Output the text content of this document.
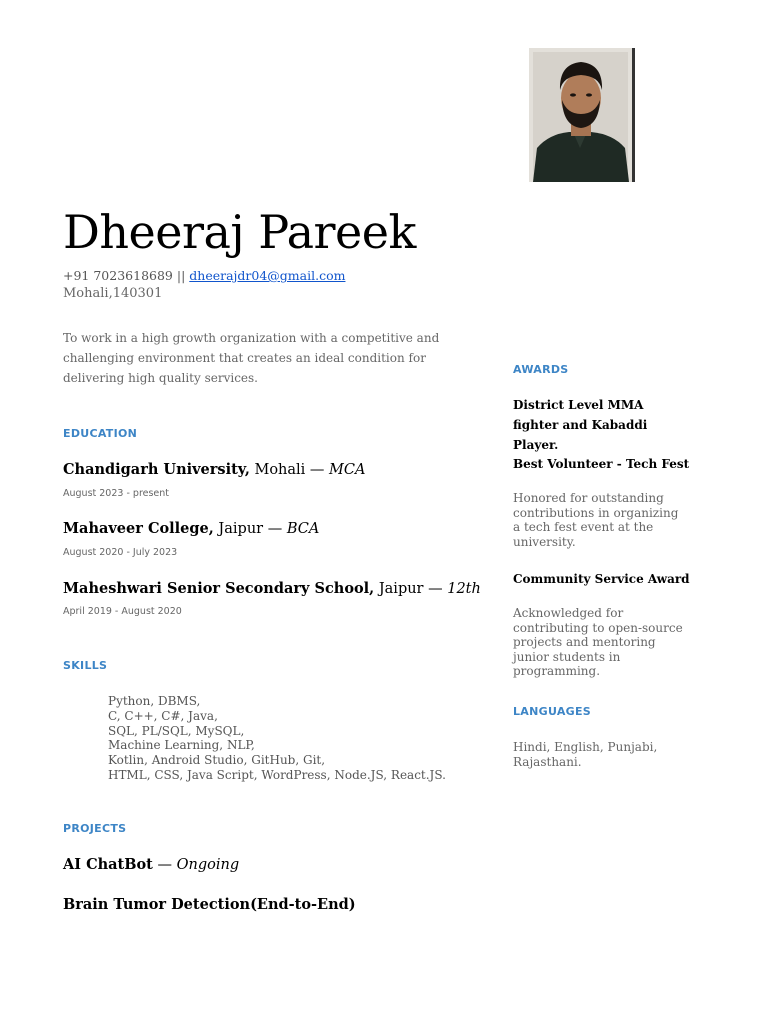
Dheeraj Pareek
+91 7023618689 || dheerajdr04@gmail.com
Mohali,140301
To work in a high growth organization with a competitive and challenging environment that creates an ideal condition for delivering high quality services.
EDUCATION
Chandigarh University, Mohali — MCA
August 2023 - present
Mahaveer College, Jaipur — BCA
August 2020 - July 2023
Maheshwari Senior Secondary School, Jaipur — 12th
April 2019 - August 2020
SKILLS
Python, DBMS,
C, C++, C#, Java,
SQL, PL/SQL, MySQL,
Machine Learning, NLP,
Kotlin, Android Studio, GitHub, Git,
HTML, CSS, Java Script, WordPress, Node.JS, React.JS.
PROJECTS
AI ChatBot — Ongoing
Brain Tumor Detection(End-to-End)
AWARDS
District Level MMA fighter and Kabaddi Player.
Best Volunteer - Tech Fest
Honored for outstanding contributions in organizing a tech fest event at the university.
Community Service Award
Acknowledged for contributing to open-source projects and mentoring junior students in programming.
LANGUAGES
Hindi, English, Punjabi, Rajasthani.
